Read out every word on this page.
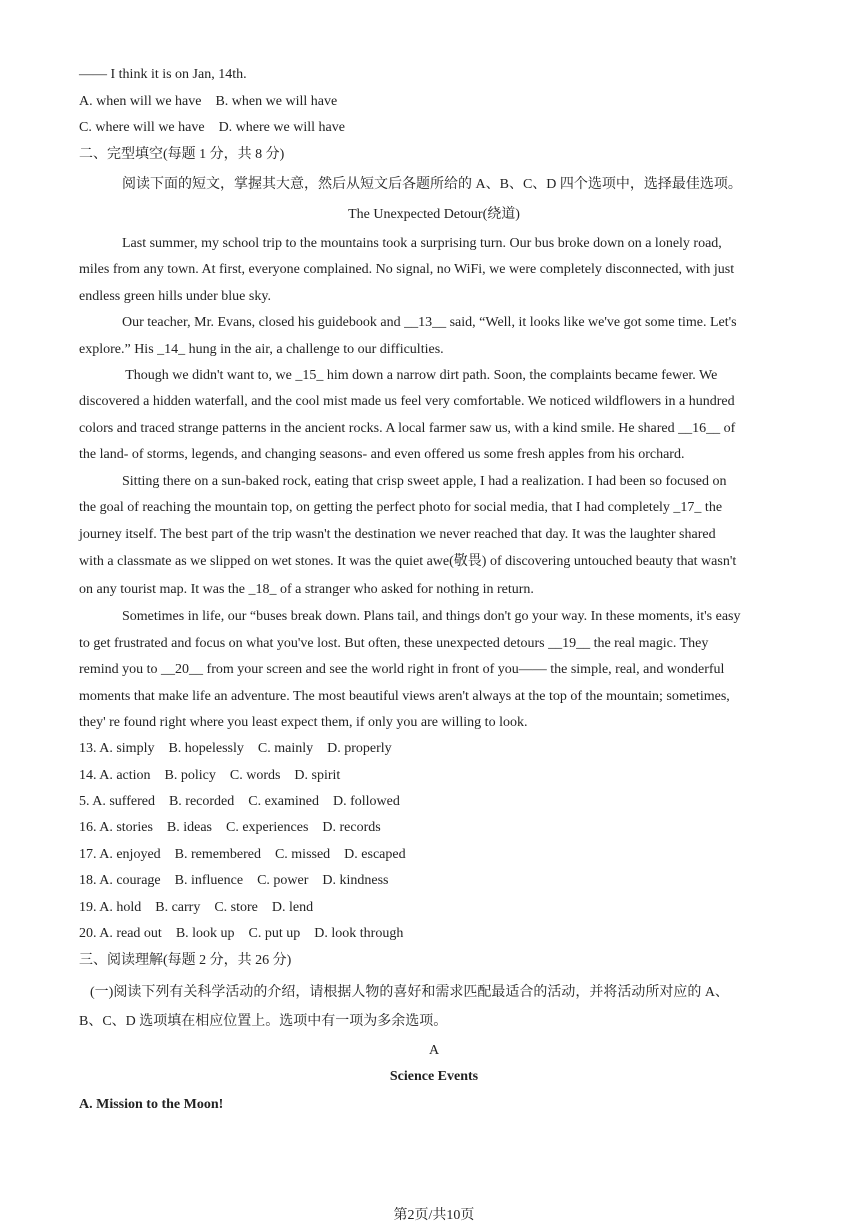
—— I think it is on Jan, 14th.
A. when will we have    B. when we will have
C. where will we have    D. where we will have
二、完型填空(每题 1 分，共 8 分)
阅读下面的短文，掌握其大意，然后从短文后各题所给的 A、B、C、D 四个选项中，选择最佳选项。
The Unexpected Detour(绕道)
Last summer, my school trip to the mountains took a surprising turn. Our bus broke down on a lonely road,
miles from any town. At first, everyone complained. No signal, no WiFi, we were completely disconnected, with just
endless green hills under blue sky.
Our teacher, Mr. Evans, closed his guidebook and __13__ said, “Well, it looks like we've got some time. Let's
explore.” His _14_ hung in the air, a challenge to our difficulties.
Though we didn't want to, we _15_ him down a narrow dirt path. Soon, the complaints became fewer. We
discovered a hidden waterfall, and the cool mist made us feel very comfortable. We noticed wildflowers in a hundred
colors and traced strange patterns in the ancient rocks. A local farmer saw us, with a kind smile. He shared __16__ of
the land- of storms, legends, and changing seasons- and even offered us some fresh apples from his orchard.
Sitting there on a sun-baked rock, eating that crisp sweet apple, I had a realization. I had been so focused on
the goal of reaching the mountain top, on getting the perfect photo for social media, that I had completely _17_ the
journey itself. The best part of the trip wasn't the destination we never reached that day. It was the laughter shared
with a classmate as we slipped on wet stones. It was the quiet awe(敬畏) of discovering untouched beauty that wasn't
on any tourist map. It was the _18_ of a stranger who asked for nothing in return.
Sometimes in life, our “buses break down. Plans tail, and things don't go your way. In these moments, it's easy
to get frustrated and focus on what you've lost. But often, these unexpected detours __19__ the real magic. They
remind you to __20__ from your screen and see the world right in front of you—— the simple, real, and wonderful
moments that make life an adventure. The most beautiful views aren't always at the top of the mountain; sometimes,
they' re found right where you least expect them, if only you are willing to look.
13. A. simply    B. hopelessly    C. mainly    D. properly
14. A. action    B. policy    C. words    D. spirit
5. A. suffered    B. recorded    C. examined    D. followed
16. A. stories    B. ideas    C. experiences    D. records
17. A. enjoyed    B. remembered    C. missed    D. escaped
18. A. courage    B. influence    C. power    D. kindness
19. A. hold    B. carry    C. store    D. lend
20. A. read out    B. look up    C. put up    D. look through
三、阅读理解(每题 2 分，共 26 分)
(一)阅读下列有关科学活动的介绍，请根据人物的喜好和需求匹配最适合的活动，并将活动所对应的 A、
B、C、D 选项填在相应位置上。选项中有一项为多余选项。
A
Science Events
A. Mission to the Moon!
第2页/共10页
